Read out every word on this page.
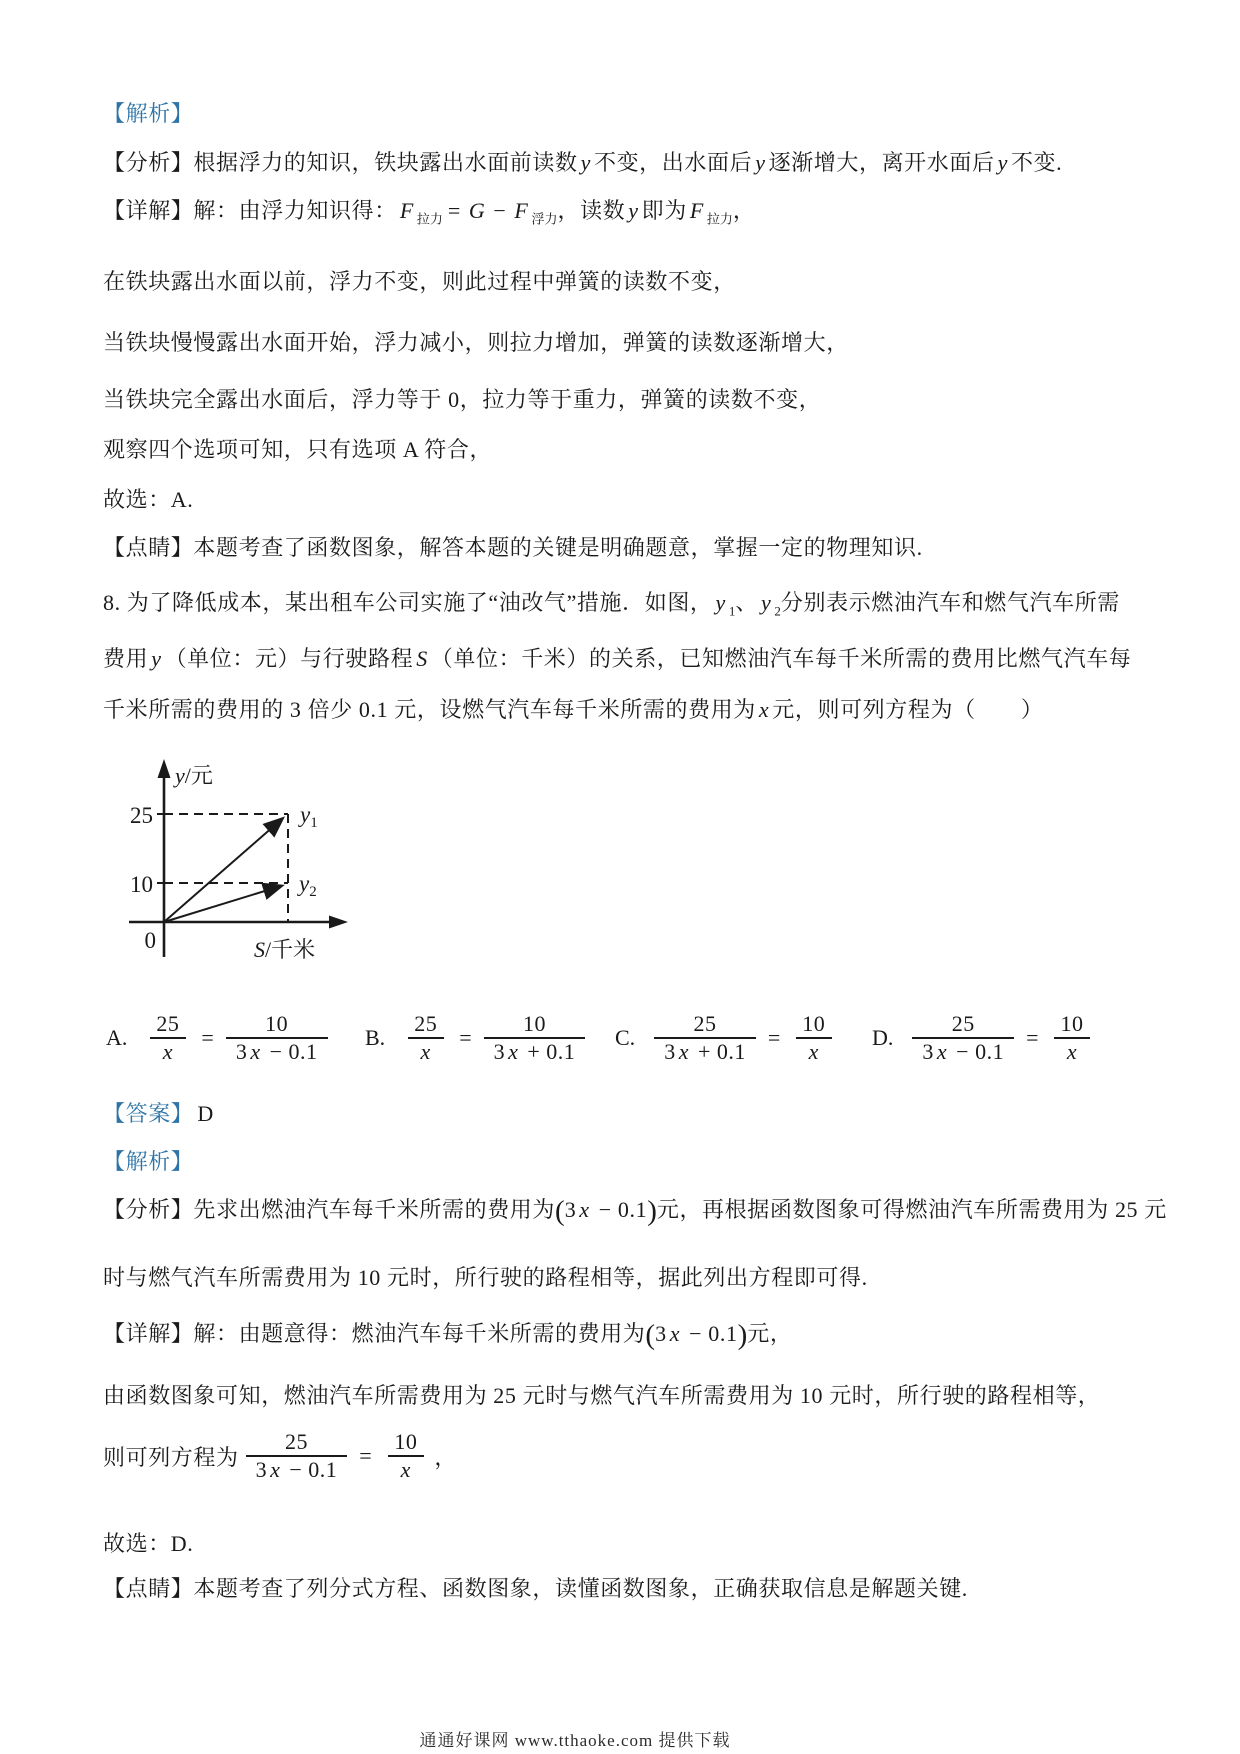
【解析】
【分析】根据浮力的知识，铁块露出水面前读数 y 不变，出水面后 y 逐渐增大，离开水面后 y 不变.
【详解】解：由浮力知识得： F $_{拉力}$ = G − F $_{浮力}$，读数 y 即为 F $_{拉力}$，
在铁块露出水面以前，浮力不变，则此过程中弹簧的读数不变，
当铁块慢慢露出水面开始，浮力减小，则拉力增加，弹簧的读数逐渐增大，
当铁块完全露出水面后，浮力等于 0，拉力等于重力，弹簧的读数不变，
观察四个选项可知，只有选项 A 符合，
故选：A.
【点睛】本题考查了函数图象，解答本题的关键是明确题意，掌握一定的物理知识.
8. 为了降低成本，某出租车公司实施了“油改气”措施．如图， y $_1$、 y $_2$分别表示燃油汽车和燃气汽车所需
费用 y （单位：元）与行驶路程 S （单位：千米）的关系，已知燃油汽车每千米所需的费用比燃气汽车每
千米所需的费用的 3 倍少 0.1 元，设燃气汽车每千米所需的费用为 x 元，则可列方程为（　　）
y/元
25
10
0	S/千米
$y_1$
$y_2$
A. $\frac{25}{x} = \frac{10}{3 x - 0.1} B$. $\frac{25}{x} = \frac{10}{3 x + 0.1} C$. $\frac{25}{3 x + 0.1} = \frac{10}{x} D$. $\frac{25}{3 x - 0.1} = \frac{10}{x}$
【答案】 D
【解析】
【分析】先求出燃油汽车每千米所需的费用为(3 x − 0.1)元，再根据函数图象可得燃油汽车所需费用为 25 元
时与燃气汽车所需费用为 10 元时，所行驶的路程相等，据此列出方程即可得.
【详解】解：由题意得：燃油汽车每千米所需的费用为(3 x − 0.1)元，
由函数图象可知，燃油汽车所需费用为 25 元时与燃气汽车所需费用为 10 元时，所行驶的路程相等，
则可列方程为 $\frac{25}{3 x - 0.1} = \frac{10}{x}$ ，
故选：D.
【点睛】本题考查了列分式方程、函数图象，读懂函数图象，正确获取信息是解题关键.
通通好课网 www.tthaoke.com 提供下载
